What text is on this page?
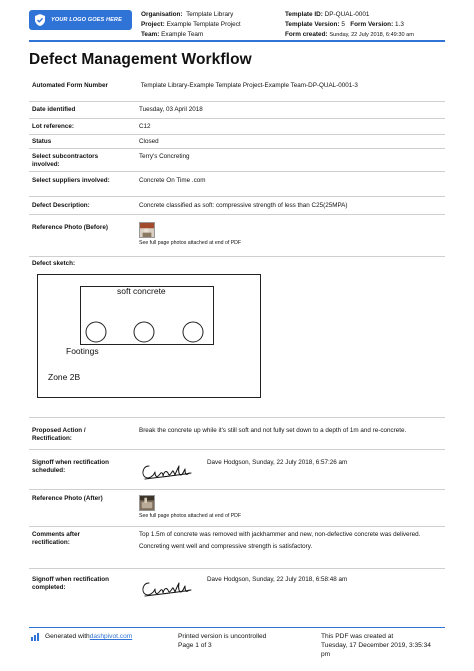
YOUR LOGO GOES HERE
Organisation:  Template Library
Project: Example Template Project
Team: Example Team
Template ID: DP-QUAL-0001
Template Version: 5 Form Version: 1.3
Form created: Sunday, 22 July 2018, 6:49:30 am
Defect Management Workflow
Automated Form Number	Template Library-Example Template Project-Example Team-DP-QUAL-0001-3
Date identified	Tuesday, 03 April 2018
Lot reference:	C12
Status	Closed
Select subcontractors involved:
Terry's Concreting
Select suppliers involved:	Concrete On Time .com
Defect Description:	Concrete classified as soft: compressive strength of less than C25(25MPA)
Reference Photo (Before)
See full page photos attached at end of PDF
Defect sketch:
soft concrete
Footings
Zone 2B
Proposed Action / Rectification:
Break the concrete up while it's still soft and not fully set down to a depth of 1m and re-concrete.
Signoff when rectification scheduled:
Dave Hodgson, Sunday, 22 July 2018, 6:57:26 am
Reference Photo (After)
See full page photos attached at end of PDF
Comments after rectification:
Top 1.5m of concrete was removed with jackhammer and new, non-defective concrete was delivered.
Concreting went well and compressive strength is satisfactory.
Signoff when rectification completed:
Dave Hodgson, Sunday, 22 July 2018, 6:58:48 am
Generated with dashpivot.com	Printed version is uncontrolled
Page 1 of 3
This PDF was created at
Tuesday, 17 December 2019, 3:35:34
pm
